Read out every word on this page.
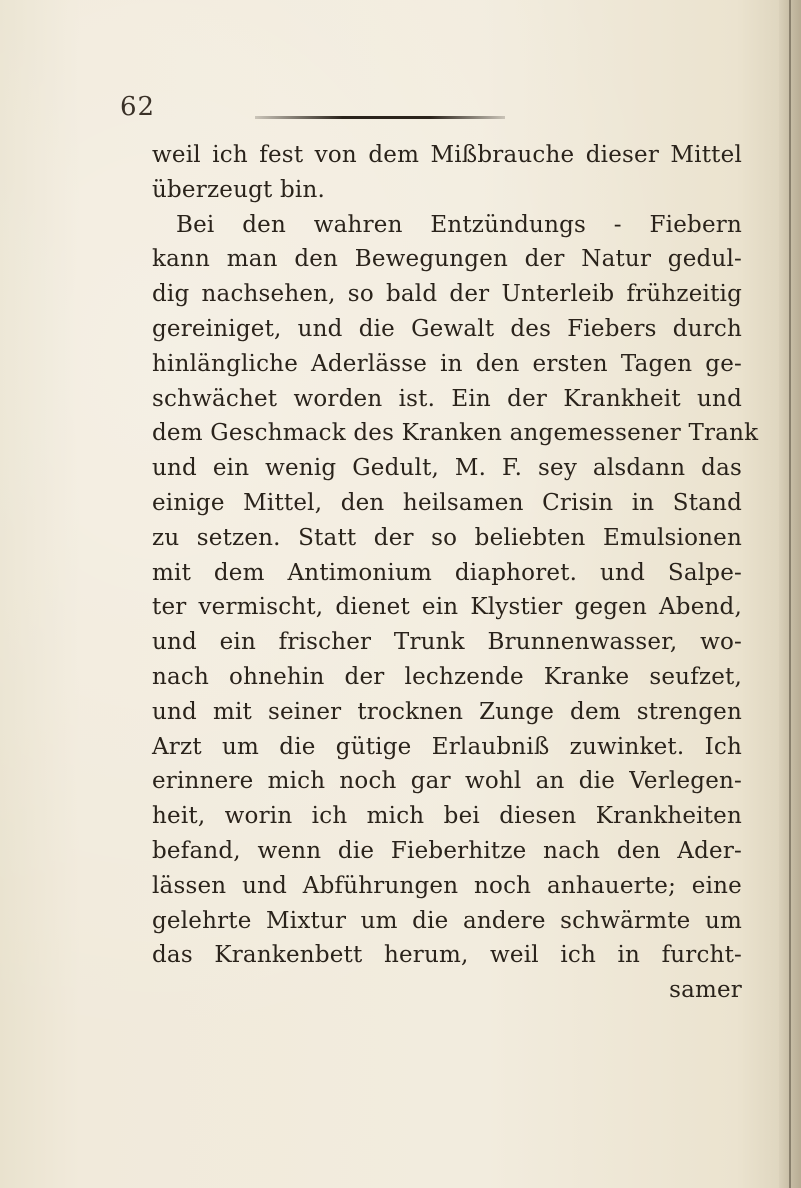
62
weil ich fest von dem Mißbrauche dieser Mittel
überzeugt bin.
Bei den wahren Entzündungs - Fiebern
kann man den Bewegungen der Natur gedul-
dig nachsehen, so bald der Unterleib frühzeitig
gereiniget, und die Gewalt des Fiebers durch
hinlängliche Aderlässe in den ersten Tagen ge-
schwächet worden ist. Ein der Krankheit und
dem Geschmack des Kranken angemessener Trank
und ein wenig Gedult, M. F. sey alsdann das
einige Mittel, den heilsamen Crisin in Stand
zu setzen. Statt der so beliebten Emulsionen
mit dem Antimonium diaphoret. und Salpe-
ter vermischt, dienet ein Klystier gegen Abend,
und ein frischer Trunk Brunnenwasser, wo-
nach ohnehin der lechzende Kranke seufzet,
und mit seiner trocknen Zunge dem strengen
Arzt um die gütige Erlaubniß zuwinket. Ich
erinnere mich noch gar wohl an die Verlegen-
heit, worin ich mich bei diesen Krankheiten
befand, wenn die Fieberhitze nach den Ader-
lässen und Abführungen noch anhauerte; eine
gelehrte Mixtur um die andere schwärmte um
das Krankenbett herum, weil ich in furcht-
samer
